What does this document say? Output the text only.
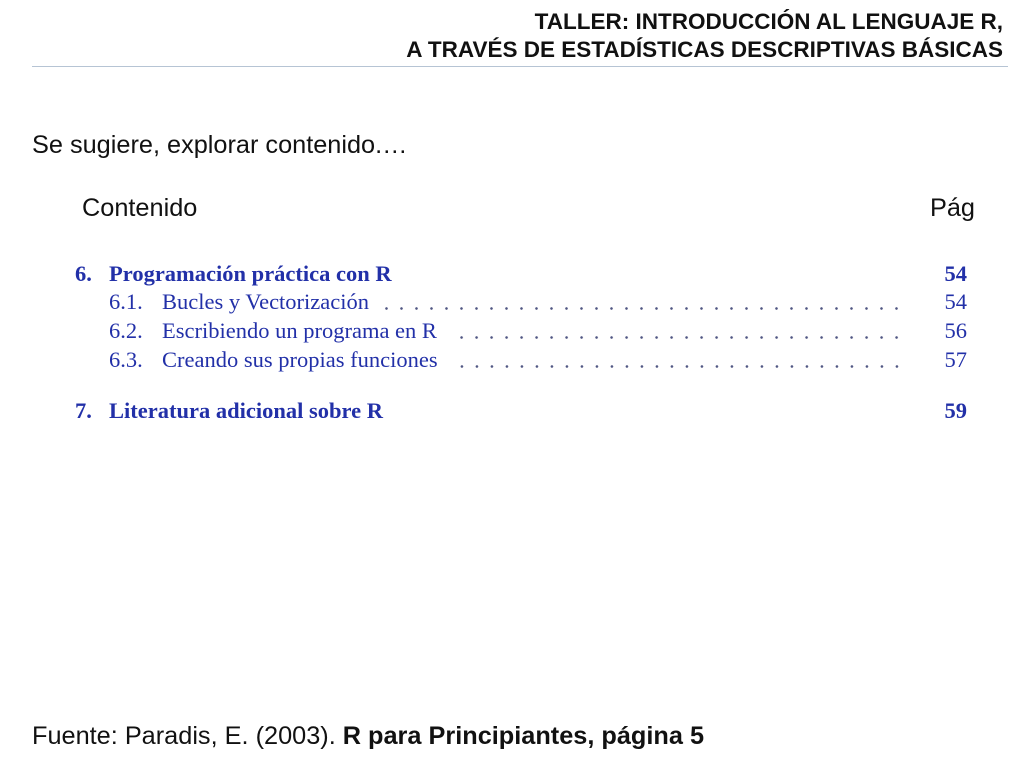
TALLER: INTRODUCCIÓN AL LENGUAJE R,
A TRAVÉS DE ESTADÍSTICAS DESCRIPTIVAS BÁSICAS
Se sugiere, explorar contenido.…
Contenido	Pág
6. Programación práctica con R	54
6.1. Bucles y Vectorización	54
6.2. Escribiendo un programa en R	56
6.3. Creando sus propias funciones	57
7. Literatura adicional sobre R	59
Fuente: Paradis, E. (2003). R para Principiantes, página 5
